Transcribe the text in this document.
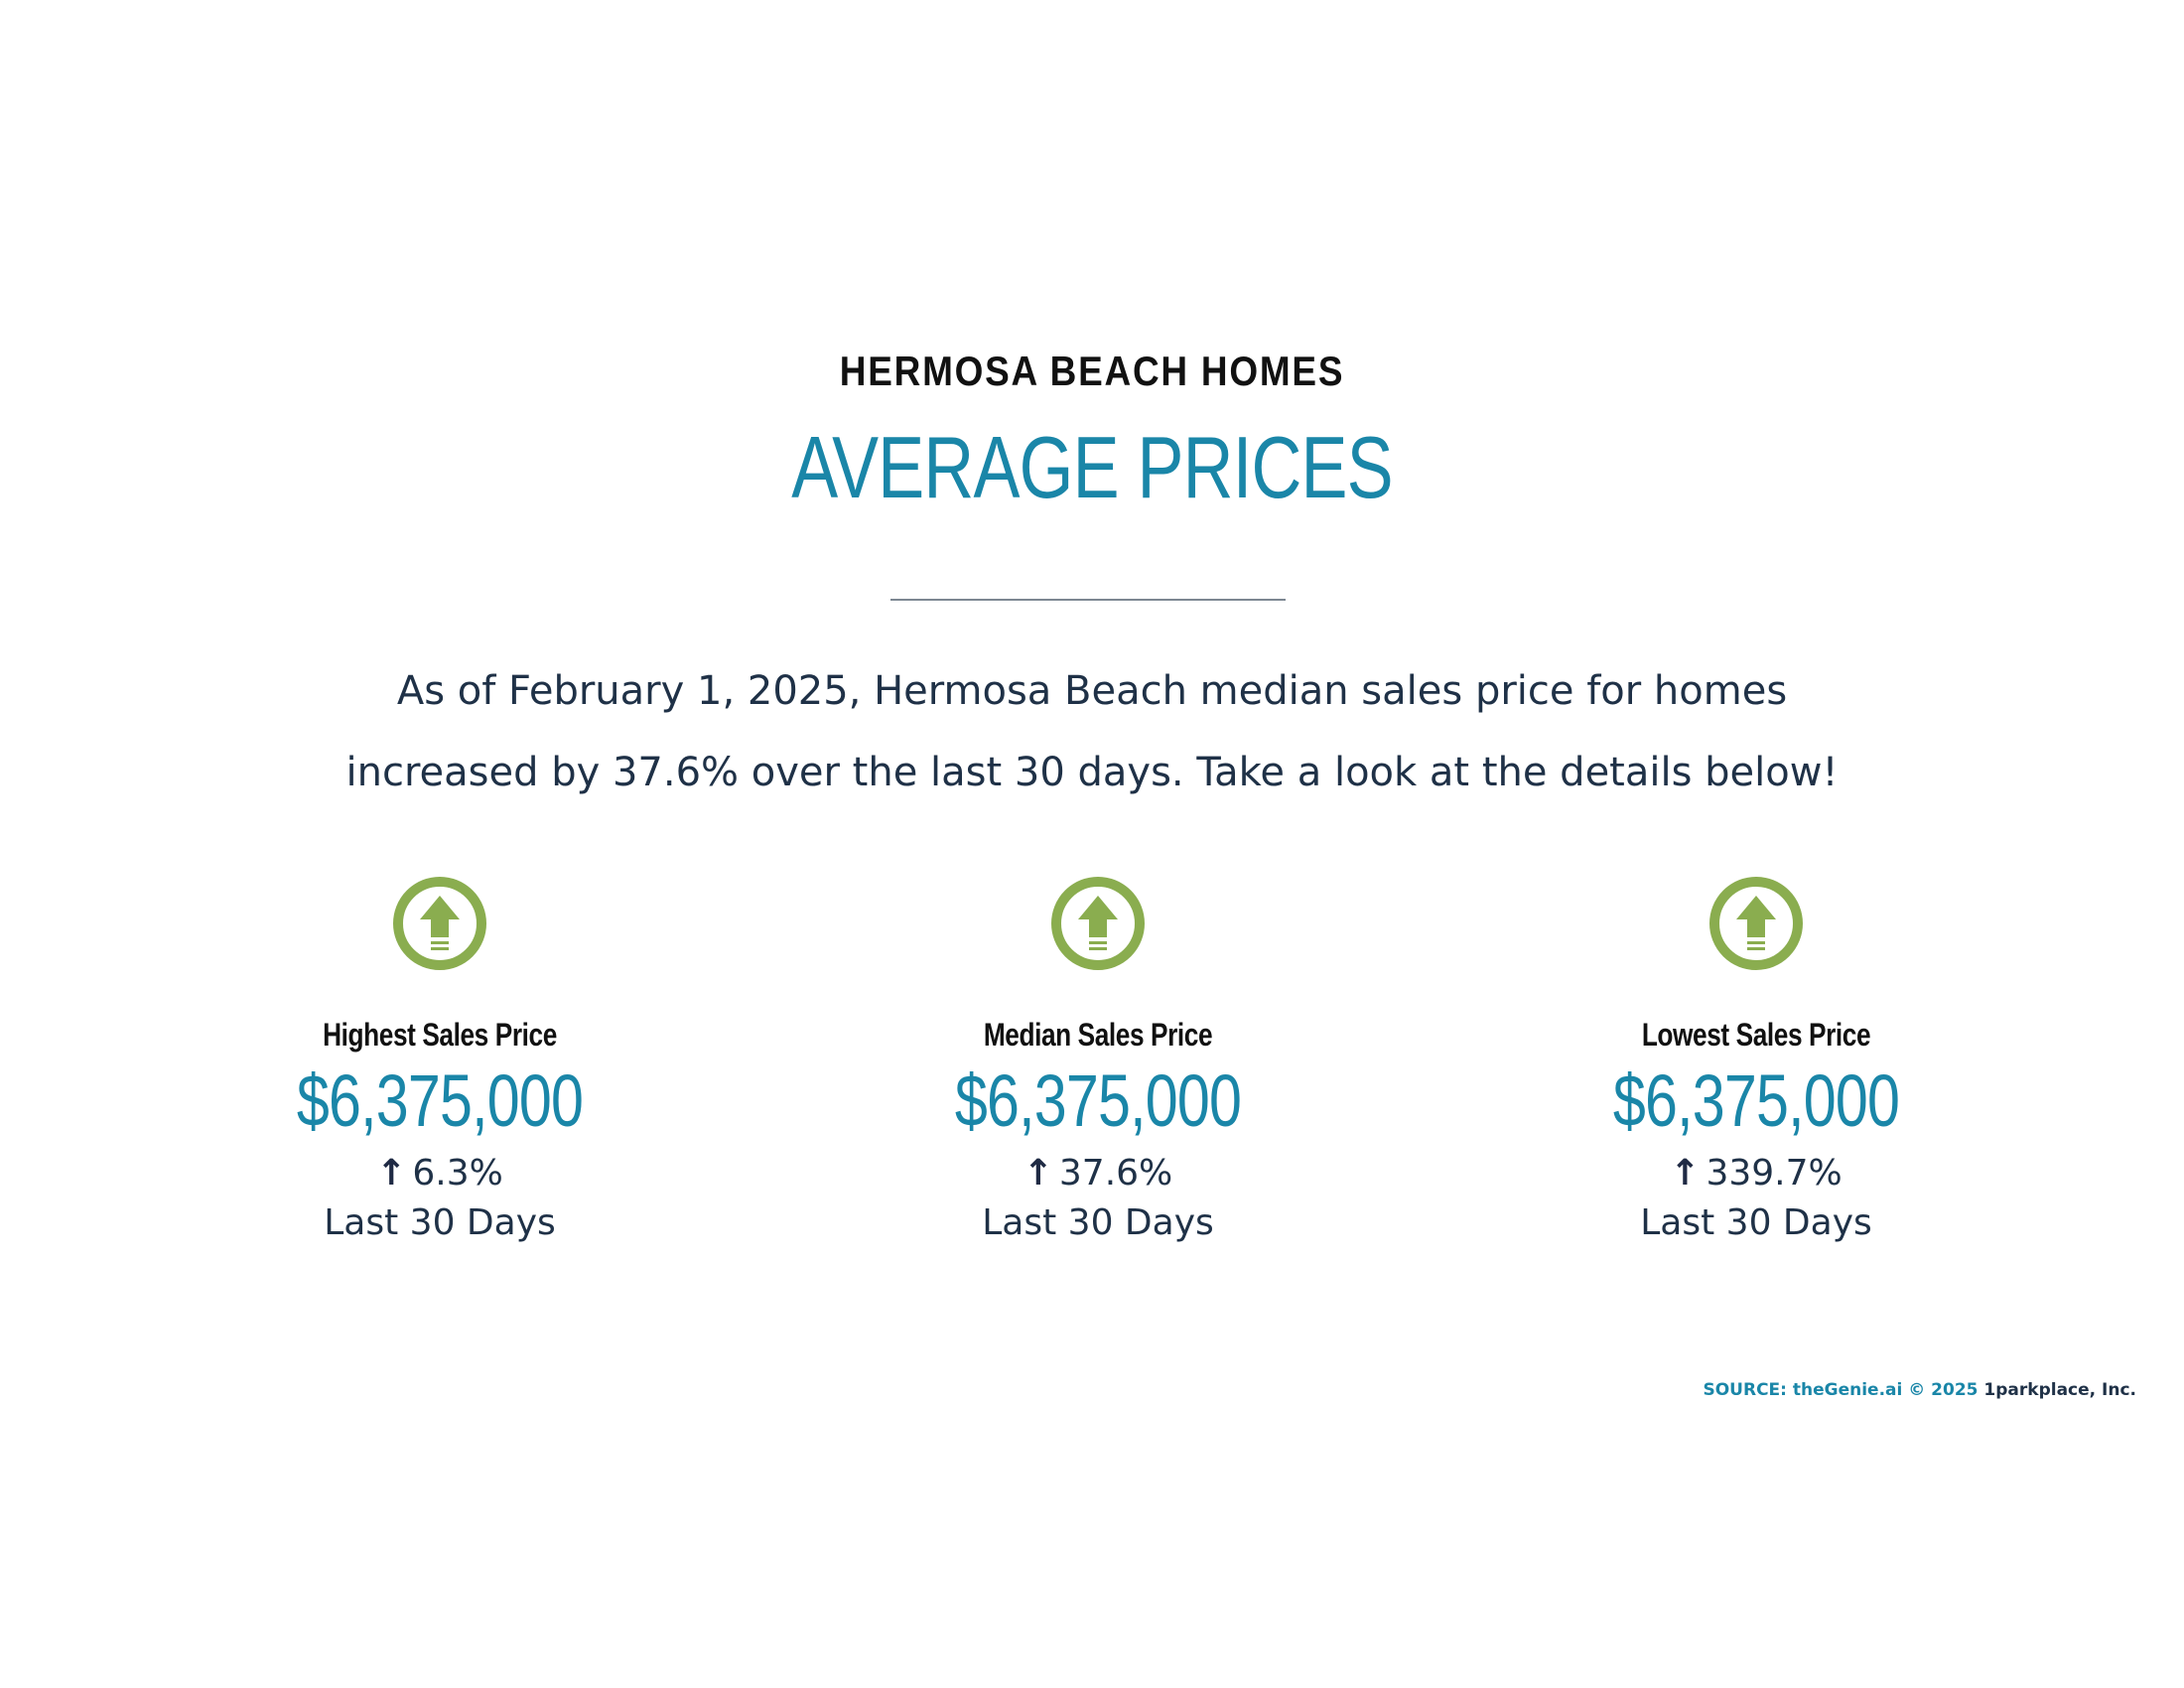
HERMOSA BEACH HOMES
AVERAGE PRICES
As of February 1, 2025, Hermosa Beach median sales price for homes
increased by 37.6% over the last 30 days. Take a look at the details below!
Highest Sales Price
$6,375,000
↑ 6.3%
Last 30 Days
Median Sales Price
$6,375,000
↑ 37.6%
Last 30 Days
Lowest Sales Price
$6,375,000
↑ 339.7%
Last 30 Days
SOURCE: theGenie.ai © 2025 1parkplace, Inc.
